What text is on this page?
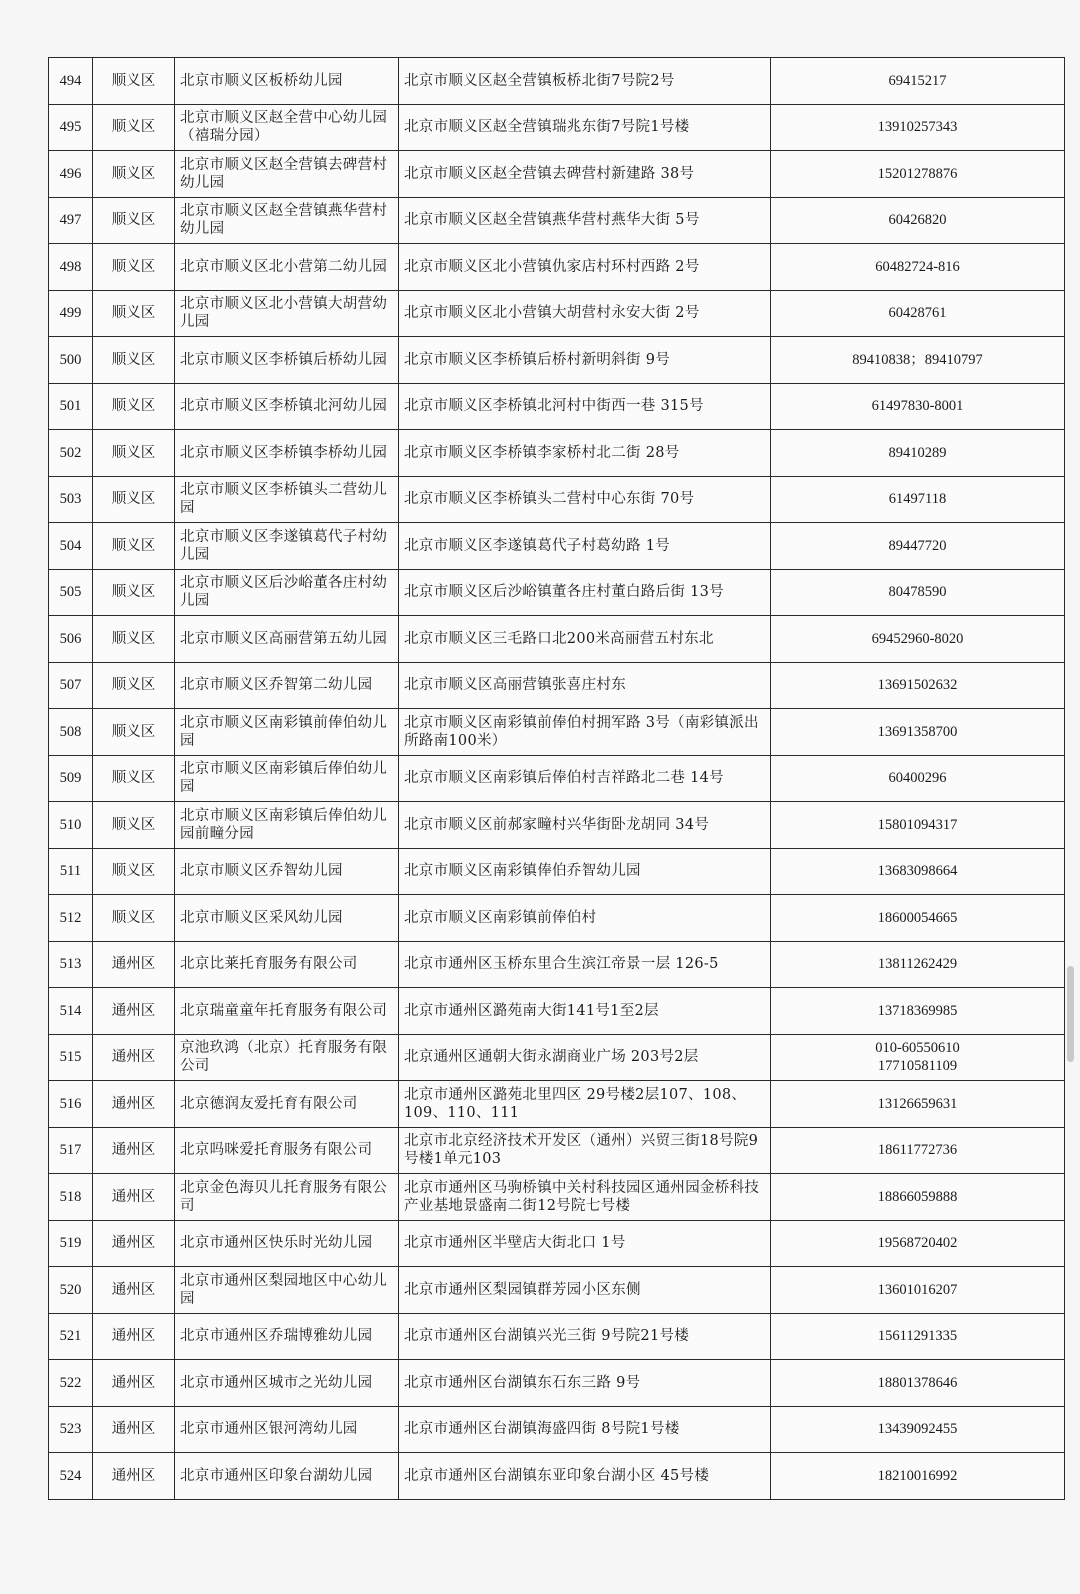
494	顺义区	北京市顺义区板桥幼儿园	北京市顺义区赵全营镇板桥北街7号院2号	69415217
495	顺义区	北京市顺义区赵全营中心幼儿园（禧瑞分园）	北京市顺义区赵全营镇瑞兆东街7号院1号楼	13910257343
496	顺义区	北京市顺义区赵全营镇去碑营村幼儿园	北京市顺义区赵全营镇去碑营村新建路 38号	15201278876
497	顺义区	北京市顺义区赵全营镇燕华营村幼儿园	北京市顺义区赵全营镇燕华营村燕华大街 5号	60426820
498	顺义区	北京市顺义区北小营第二幼儿园	北京市顺义区北小营镇仇家店村环村西路 2号	60482724-816
499	顺义区	北京市顺义区北小营镇大胡营幼儿园	北京市顺义区北小营镇大胡营村永安大街 2号	60428761
500	顺义区	北京市顺义区李桥镇后桥幼儿园	北京市顺义区李桥镇后桥村新明斜街 9号	89410838；89410797
501	顺义区	北京市顺义区李桥镇北河幼儿园	北京市顺义区李桥镇北河村中街西一巷 315号	61497830-8001
502	顺义区	北京市顺义区李桥镇李桥幼儿园	北京市顺义区李桥镇李家桥村北二街 28号	89410289
503	顺义区	北京市顺义区李桥镇头二营幼儿园	北京市顺义区李桥镇头二营村中心东街 70号	61497118
504	顺义区	北京市顺义区李遂镇葛代子村幼儿园	北京市顺义区李遂镇葛代子村葛幼路 1号	89447720
505	顺义区	北京市顺义区后沙峪董各庄村幼儿园	北京市顺义区后沙峪镇董各庄村董白路后街 13号	80478590
506	顺义区	北京市顺义区高丽营第五幼儿园	北京市顺义区三毛路口北200米高丽营五村东北	69452960-8020
507	顺义区	北京市顺义区乔智第二幼儿园	北京市顺义区高丽营镇张喜庄村东	13691502632
508	顺义区	北京市顺义区南彩镇前俸伯幼儿园	北京市顺义区南彩镇前俸伯村拥军路 3号（南彩镇派出所路南100米）	13691358700
509	顺义区	北京市顺义区南彩镇后俸伯幼儿园	北京市顺义区南彩镇后俸伯村吉祥路北二巷 14号	60400296
510	顺义区	北京市顺义区南彩镇后俸伯幼儿园前疃分园	北京市顺义区前郝家疃村兴华街卧龙胡同 34号	15801094317
511	顺义区	北京市顺义区乔智幼儿园	北京市顺义区南彩镇俸伯乔智幼儿园	13683098664
512	顺义区	北京市顺义区采风幼儿园	北京市顺义区南彩镇前俸伯村	18600054665
513	通州区	北京比莱托育服务有限公司	北京市通州区玉桥东里合生滨江帝景一层 126-5	13811262429
514	通州区	北京瑞童童年托育服务有限公司	北京市通州区潞苑南大街141号1至2层	13718369985
515	通州区	京池玖鸿（北京）托育服务有限公司	北京通州区通朝大街永湖商业广场 203号2层	010-60550610
17710581109
516	通州区	北京德润友爱托育有限公司	北京市通州区潞苑北里四区 29号楼2层107、108、109、110、111	13126659631
517	通州区	北京吗咪爱托育服务有限公司	北京市北京经济技术开发区（通州）兴贸三街18号院9号楼1单元103	18611772736
518	通州区	北京金色海贝儿托育服务有限公司	北京市通州区马驹桥镇中关村科技园区通州园金桥科技产业基地景盛南二街12号院七号楼	18866059888
519	通州区	北京市通州区快乐时光幼儿园	北京市通州区半壁店大街北口 1号	19568720402
520	通州区	北京市通州区梨园地区中心幼儿园	北京市通州区梨园镇群芳园小区东侧	13601016207
521	通州区	北京市通州区乔瑞博雅幼儿园	北京市通州区台湖镇兴光三街 9号院21号楼	15611291335
522	通州区	北京市通州区城市之光幼儿园	北京市通州区台湖镇东石东三路 9号	18801378646
523	通州区	北京市通州区银河湾幼儿园	北京市通州区台湖镇海盛四街 8号院1号楼	13439092455
524	通州区	北京市通州区印象台湖幼儿园	北京市通州区台湖镇东亚印象台湖小区 45号楼	18210016992
